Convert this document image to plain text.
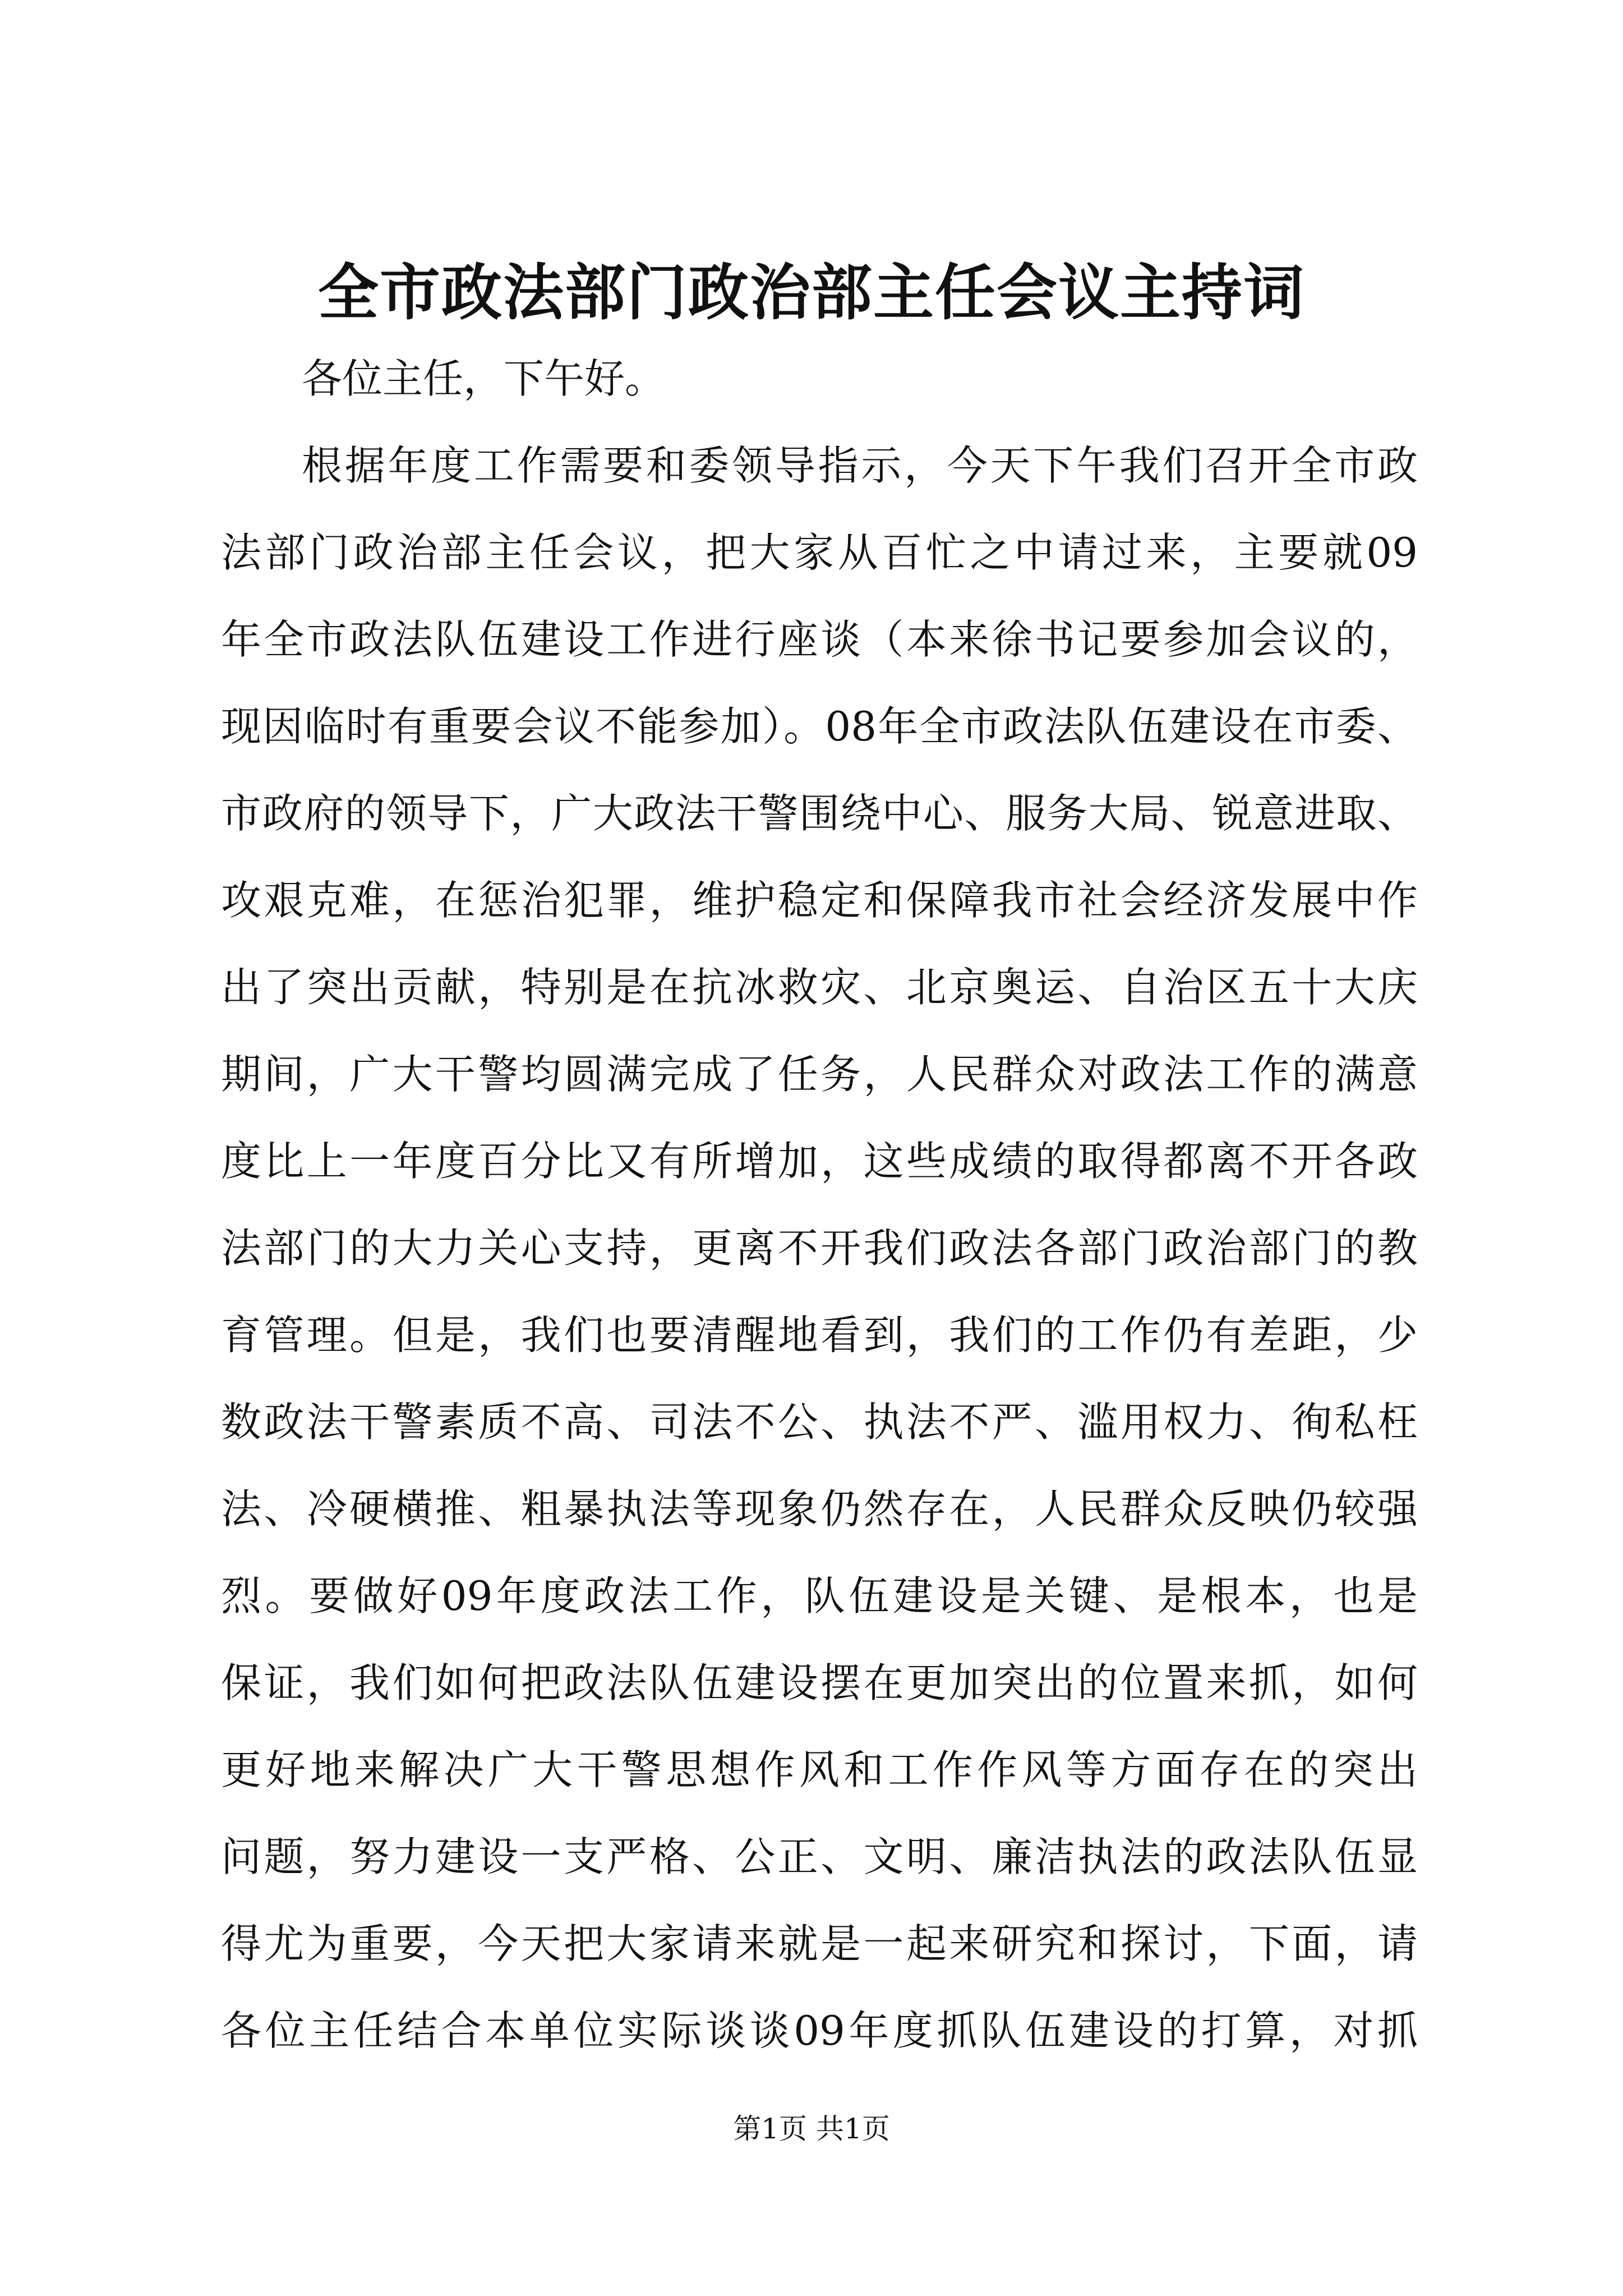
全市政法部门政治部主任会议主持词

各位主任，下午好。

根据年度工作需要和委领导指示，今天下午我们召开全市政

法部门政治部主任会议，把大家从百忙之中请过来，主要就09

年全市政法队伍建设工作进行座谈（本来徐书记要参加会议的，

现因临时有重要会议不能参加）。08年全市政法队伍建设在市委、

市政府的领导下，广大政法干警围绕中心、服务大局、锐意进取、

攻艰克难，在惩治犯罪，维护稳定和保障我市社会经济发展中作

出了突出贡献，特别是在抗冰救灾、北京奥运、自治区五十大庆

期间，广大干警均圆满完成了任务，人民群众对政法工作的满意

度比上一年度百分比又有所增加，这些成绩的取得都离不开各政

法部门的大力关心支持，更离不开我们政法各部门政治部门的教

育管理。但是，我们也要清醒地看到，我们的工作仍有差距，少

数政法干警素质不高、司法不公、执法不严、滥用权力、徇私枉

法、冷硬横推、粗暴执法等现象仍然存在，人民群众反映仍较强

烈。要做好09年度政法工作，队伍建设是关键、是根本，也是

保证，我们如何把政法队伍建设摆在更加突出的位置来抓，如何

更好地来解决广大干警思想作风和工作作风等方面存在的突出

问题，努力建设一支严格、公正、文明、廉洁执法的政法队伍显

得尤为重要，今天把大家请来就是一起来研究和探讨，下面，请

各位主任结合本单位实际谈谈09年度抓队伍建设的打算，对抓

第1页 共1页
